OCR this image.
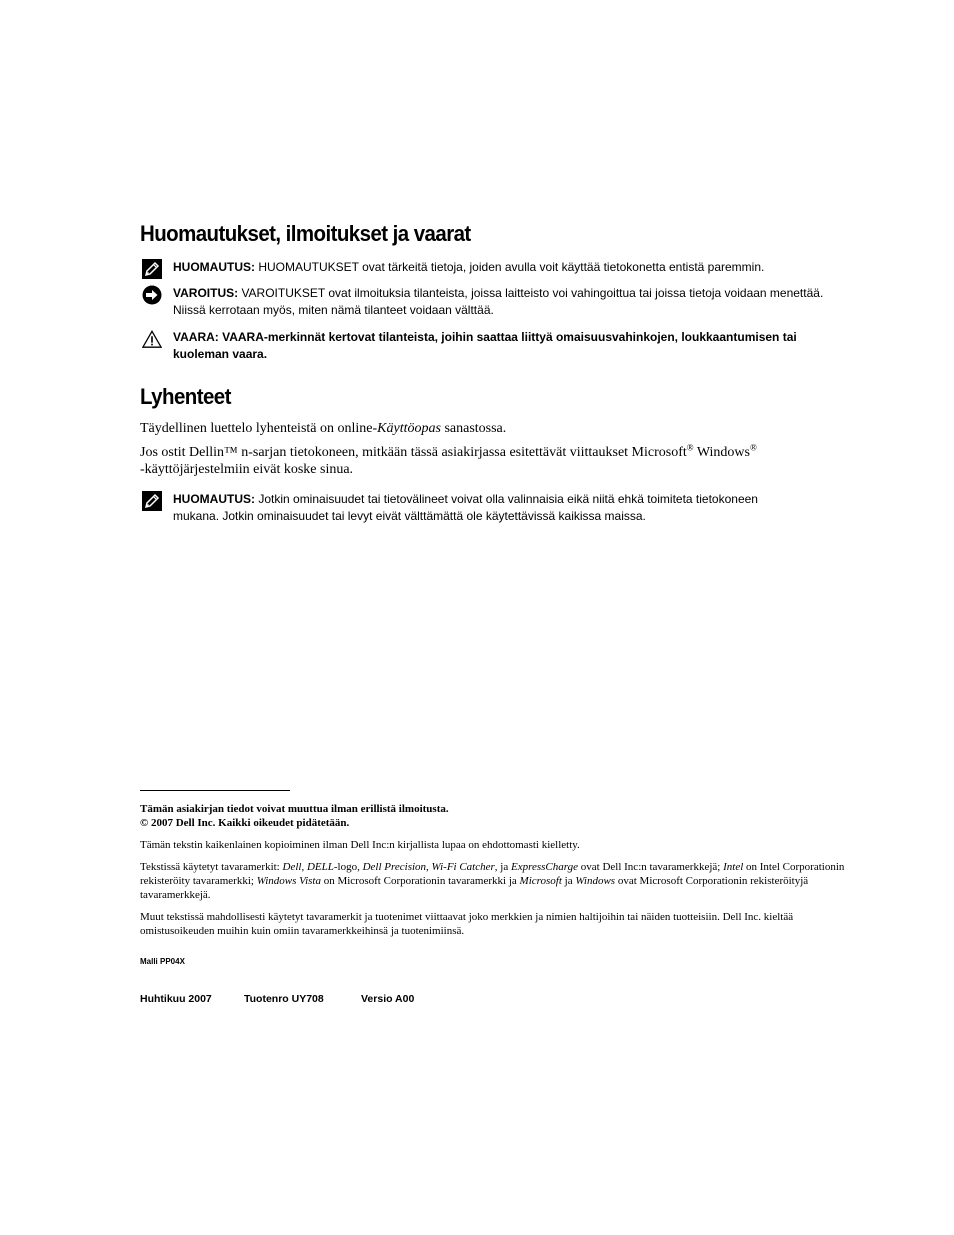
Huomautukset, ilmoitukset ja vaarat
HUOMAUTUS: HUOMAUTUKSET ovat tärkeitä tietoja, joiden avulla voit käyttää tietokonetta entistä paremmin.
VAROITUS: VAROITUKSET ovat ilmoituksia tilanteista, joissa laitteisto voi vahingoittua tai joissa tietoja voidaan menettää.
Niissä kerrotaan myös, miten nämä tilanteet voidaan välttää.
VAARA: VAARA-merkinnät kertovat tilanteista, joihin saattaa liittyä omaisuusvahinkojen, loukkaantumisen tai
kuoleman vaara.
Lyhenteet
Täydellinen luettelo lyhenteistä on online-Käyttöopas sanastossa.
Jos ostit Dellin™ n-sarjan tietokoneen, mitkään tässä asiakirjassa esitettävät viittaukset Microsoft® Windows®
-käyttöjärjestelmiin eivät koske sinua.
HUOMAUTUS: Jotkin ominaisuudet tai tietovälineet voivat olla valinnaisia eikä niitä ehkä toimiteta tietokoneen
mukana. Jotkin ominaisuudet tai levyt eivät välttämättä ole käytettävissä kaikissa maissa.
Tämän asiakirjan tiedot voivat muuttua ilman erillistä ilmoitusta.
© 2007 Dell Inc. Kaikki oikeudet pidätetään.
Tämän tekstin kaikenlainen kopioiminen ilman Dell Inc:n kirjallista lupaa on ehdottomasti kielletty.
Tekstissä käytetyt tavaramerkit: Dell, DELL-logo, Dell Precision, Wi-Fi Catcher, ja ExpressCharge ovat Dell Inc:n tavaramerkkejä; Intel on Intel Corporationin rekisteröity tavaramerkki; Windows Vista on Microsoft Corporationin tavaramerkki ja Microsoft ja Windows ovat Microsoft Corporationin rekisteröityjä tavaramerkkejä.
Muut tekstissä mahdollisesti käytetyt tavaramerkit ja tuotenimet viittaavat joko merkkien ja nimien haltijoihin tai näiden tuotteisiin. Dell Inc. kieltää omistusoikeuden muihin kuin omiin tavaramerkkeihinsä ja tuotenimiinsä.
Malli PP04X
Huhtikuu 2007	Tuotenro UY708	Versio A00
